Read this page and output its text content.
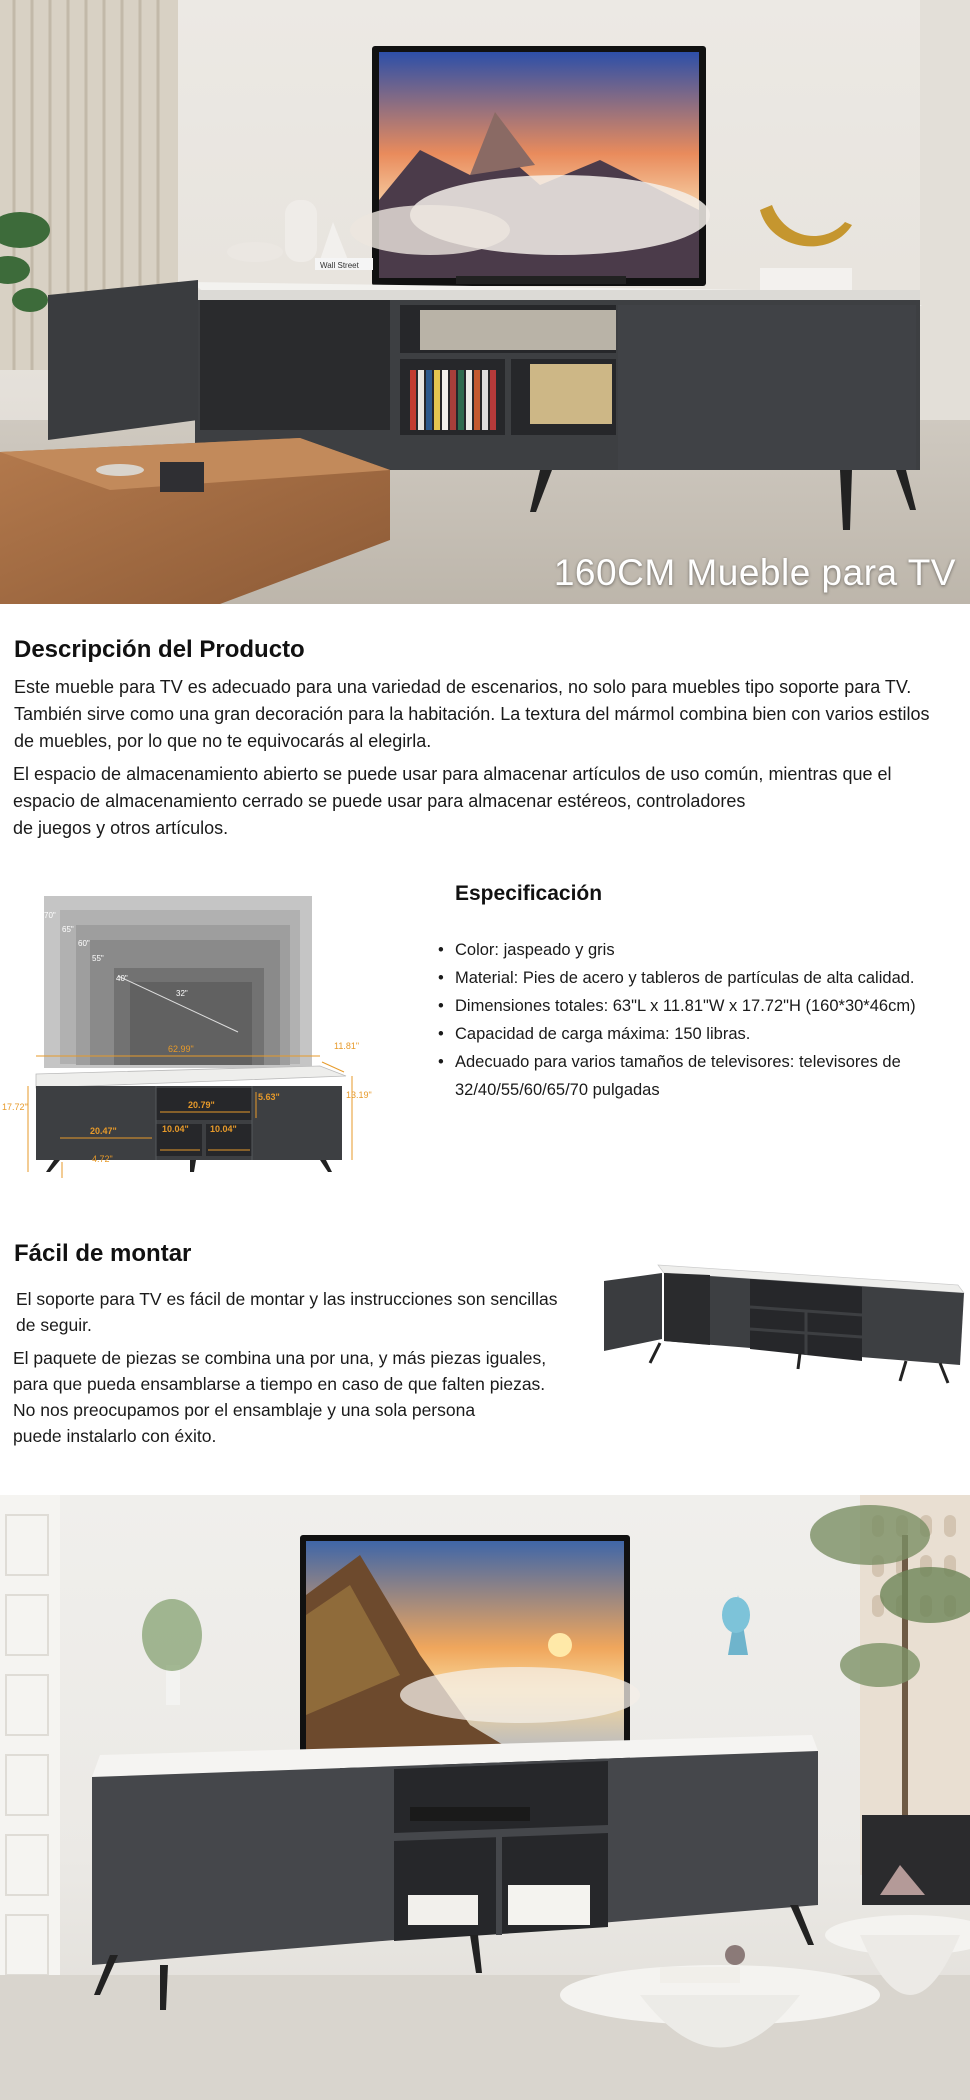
Wall Street
160CM Mueble para TV
Descripción del Producto
Este mueble para TV es adecuado para una variedad de escenarios, no solo para muebles tipo soporte para TV.
También sirve como una gran decoración para la habitación. La textura del mármol combina bien con varios estilos
de muebles, por lo que no te equivocarás al elegirla.
El espacio de almacenamiento abierto se puede usar para almacenar artículos de uso común, mientras que el
espacio de almacenamiento cerrado se puede usar para almacenar estéreos, controladores
de juegos y otros artículos.
70"
65"
60"
55"
40"
32"
62.99"	11.81"
17.72"
13.19"
20.79"
5.63"
20.47"	10.04" 10.04"
4.72"
Especificación
• Color: jaspeado y gris
• Material: Pies de acero y tableros de partículas de alta calidad.
• Dimensiones totales: 63"L x 11.81"W x 17.72"H (160*30*46cm)
• Capacidad de carga máxima: 150 libras.
• Adecuado para varios tamaños de televisores: televisores de
32/40/55/60/65/70 pulgadas
Fácil de montar
El soporte para TV es fácil de montar y las instrucciones son sencillas
de seguir.
El paquete de piezas se combina una por una, y más piezas iguales,
para que pueda ensamblarse a tiempo en caso de que falten piezas.
No nos preocupamos por el ensamblaje y una sola persona
puede instalarlo con éxito.
